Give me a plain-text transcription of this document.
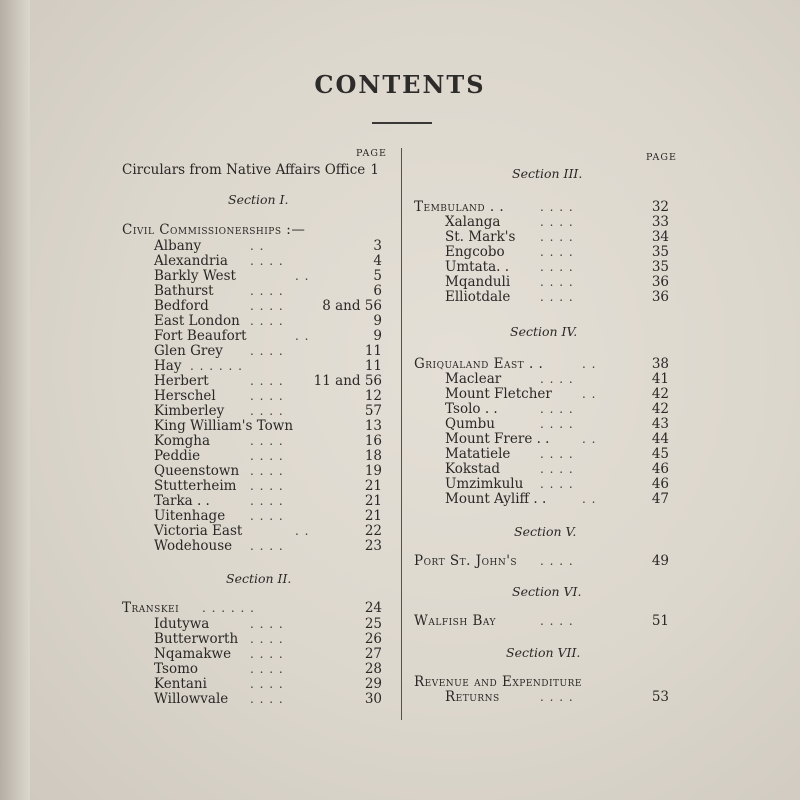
CONTENTS
PAGE
Circulars from Native Affairs Office 1
Section I.
Civil Commissionerships :—
Albany	. .	3
Alexandria . . . .	4
Barkly West	. .	5
Bathurst	. . . .	6
Bedford	. . . .	8 and 56
East London . . . .	9
Fort Beaufort	. .	9
Glen Grey . . . .	11
Hay . . . . . .	11
Herbert	. . . . 11 and 56
Herschel	. . . .	12
Kimberley . . . .	57
King William's Town	13
Komgha	. . . .	16
Peddie	. . . .	18
Queenstown . . . .	19
Stutterheim . . . .	21
Tarka . .	. . . .	21
Uitenhage . . . .	21
Victoria East	. .	22
Wodehouse . . . .	23
Section II.
Transkei . . . . . .	24
Idutywa	. . . .	25
Butterworth . . . .	26
Nqamakwe . . . .	27
Tsomo	. . . .	28
Kentani	. . . .	29
Willowvale . . . .	30
PAGE
Section III.
Tembuland . .	. . . .	32
Xalanga	. . . .	33
St. Mark's . . . .	34
Engcobo	. . . .	35
Umtata. .	. . . .	35
Mqanduli . . . .	36
Elliotdale . . . .	36
Section IV.
Griqualand East . .	. .	38
Maclear	. . . .	41
Mount Fletcher	. .	42
Tsolo . .	. . . .	42
Qumbu	. . . .	43
Mount Frere . .	. .	44
Matatiele . . . .	45
Kokstad	. . . .	46
Umzimkulu . . . .	46
Mount Ayliff . .	. .	47
Section V.
Port St. John's . . . .	49
Section VI.
Walfish Bay	. . . .	51
Section VII.
Revenue and Expenditure
Returns	. . . .	53
